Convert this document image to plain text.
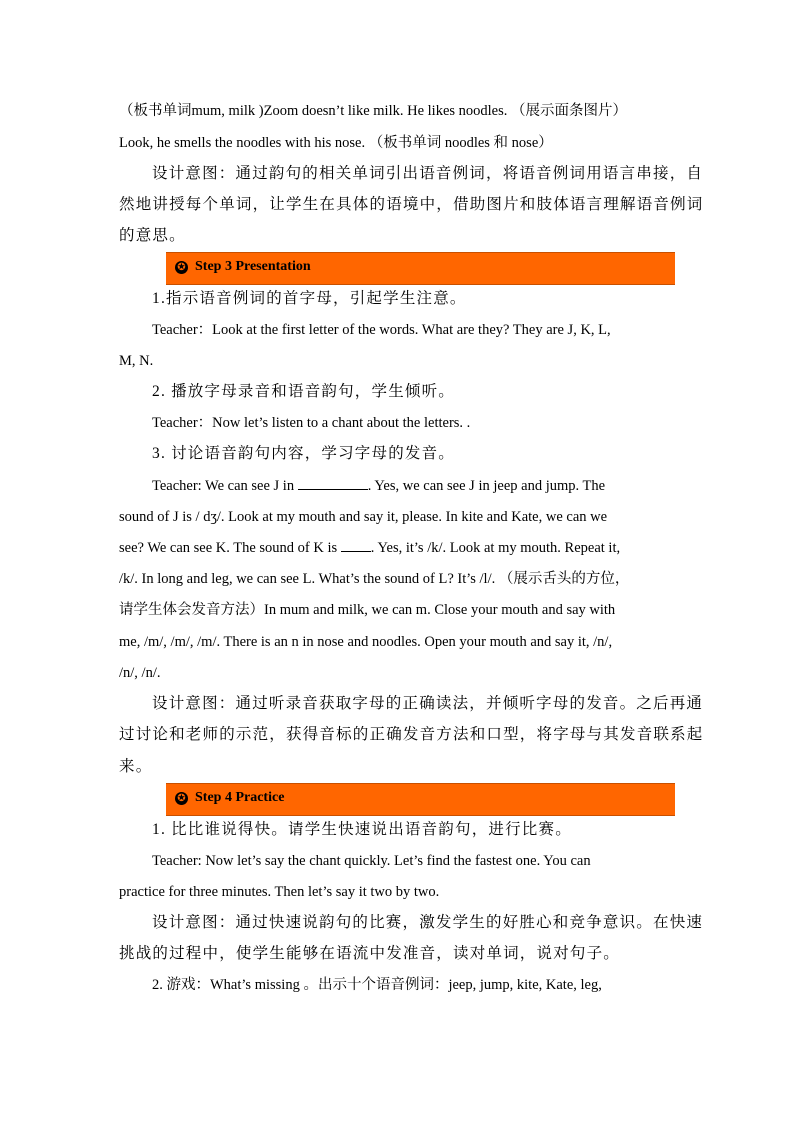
（板书单词mum, milk )Zoom doesn’t like milk. He likes noodles. （展示面条图片）
Look, he smells the noodles with his nose. （板书单词 noodles 和 nose）
设计意图：通过韵句的相关单词引出语音例词，将语音例词用语言串接，自
然地讲授每个单词，让学生在具体的语境中，借助图片和肢体语言理解语音例词
的意思。
✪ Step 3 Presentation
1.指示语音例词的首字母，引起学生注意。
Teacher：Look at the first letter of the words. What are they? They are J, K, L,
M, N.
2. 播放字母录音和语音韵句，学生倾听。
Teacher：Now let’s listen to a chant about the letters. .
3. 讨论语音韵句内容，学习字母的发音。
Teacher: We can see J in	. Yes, we can see J in jeep and jump. The
sound of J is / dʒ/. Look at my mouth and say it, please. In kite and Kate, we can we
see? We can see K. The sound of K is . Yes, it’s /k/. Look at my mouth. Repeat it,
/k/. In long and leg, we can see L. What’s the sound of L? It’s /l/. （展示舌头的方位，
请学生体会发音方法）In mum and milk, we can m. Close your mouth and say with
me, /m/, /m/, /m/. There is an n in nose and noodles. Open your mouth and say it, /n/,
/n/, /n/.
设计意图：通过听录音获取字母的正确读法，并倾听字母的发音。之后再通
过讨论和老师的示范，获得音标的正确发音方法和口型，将字母与其发音联系起
来。
✪ Step 4 Practice
1. 比比谁说得快。请学生快速说出语音韵句，进行比赛。
Teacher: Now let’s say the chant quickly. Let’s find the fastest one. You can
practice for three minutes. Then let’s say it two by two.
设计意图：通过快速说韵句的比赛，激发学生的好胜心和竞争意识。在快速
挑战的过程中，使学生能够在语流中发准音，读对单词，说对句子。
2. 游戏：What’s missing 。出示十个语音例词：jeep, jump, kite, Kate, leg,
